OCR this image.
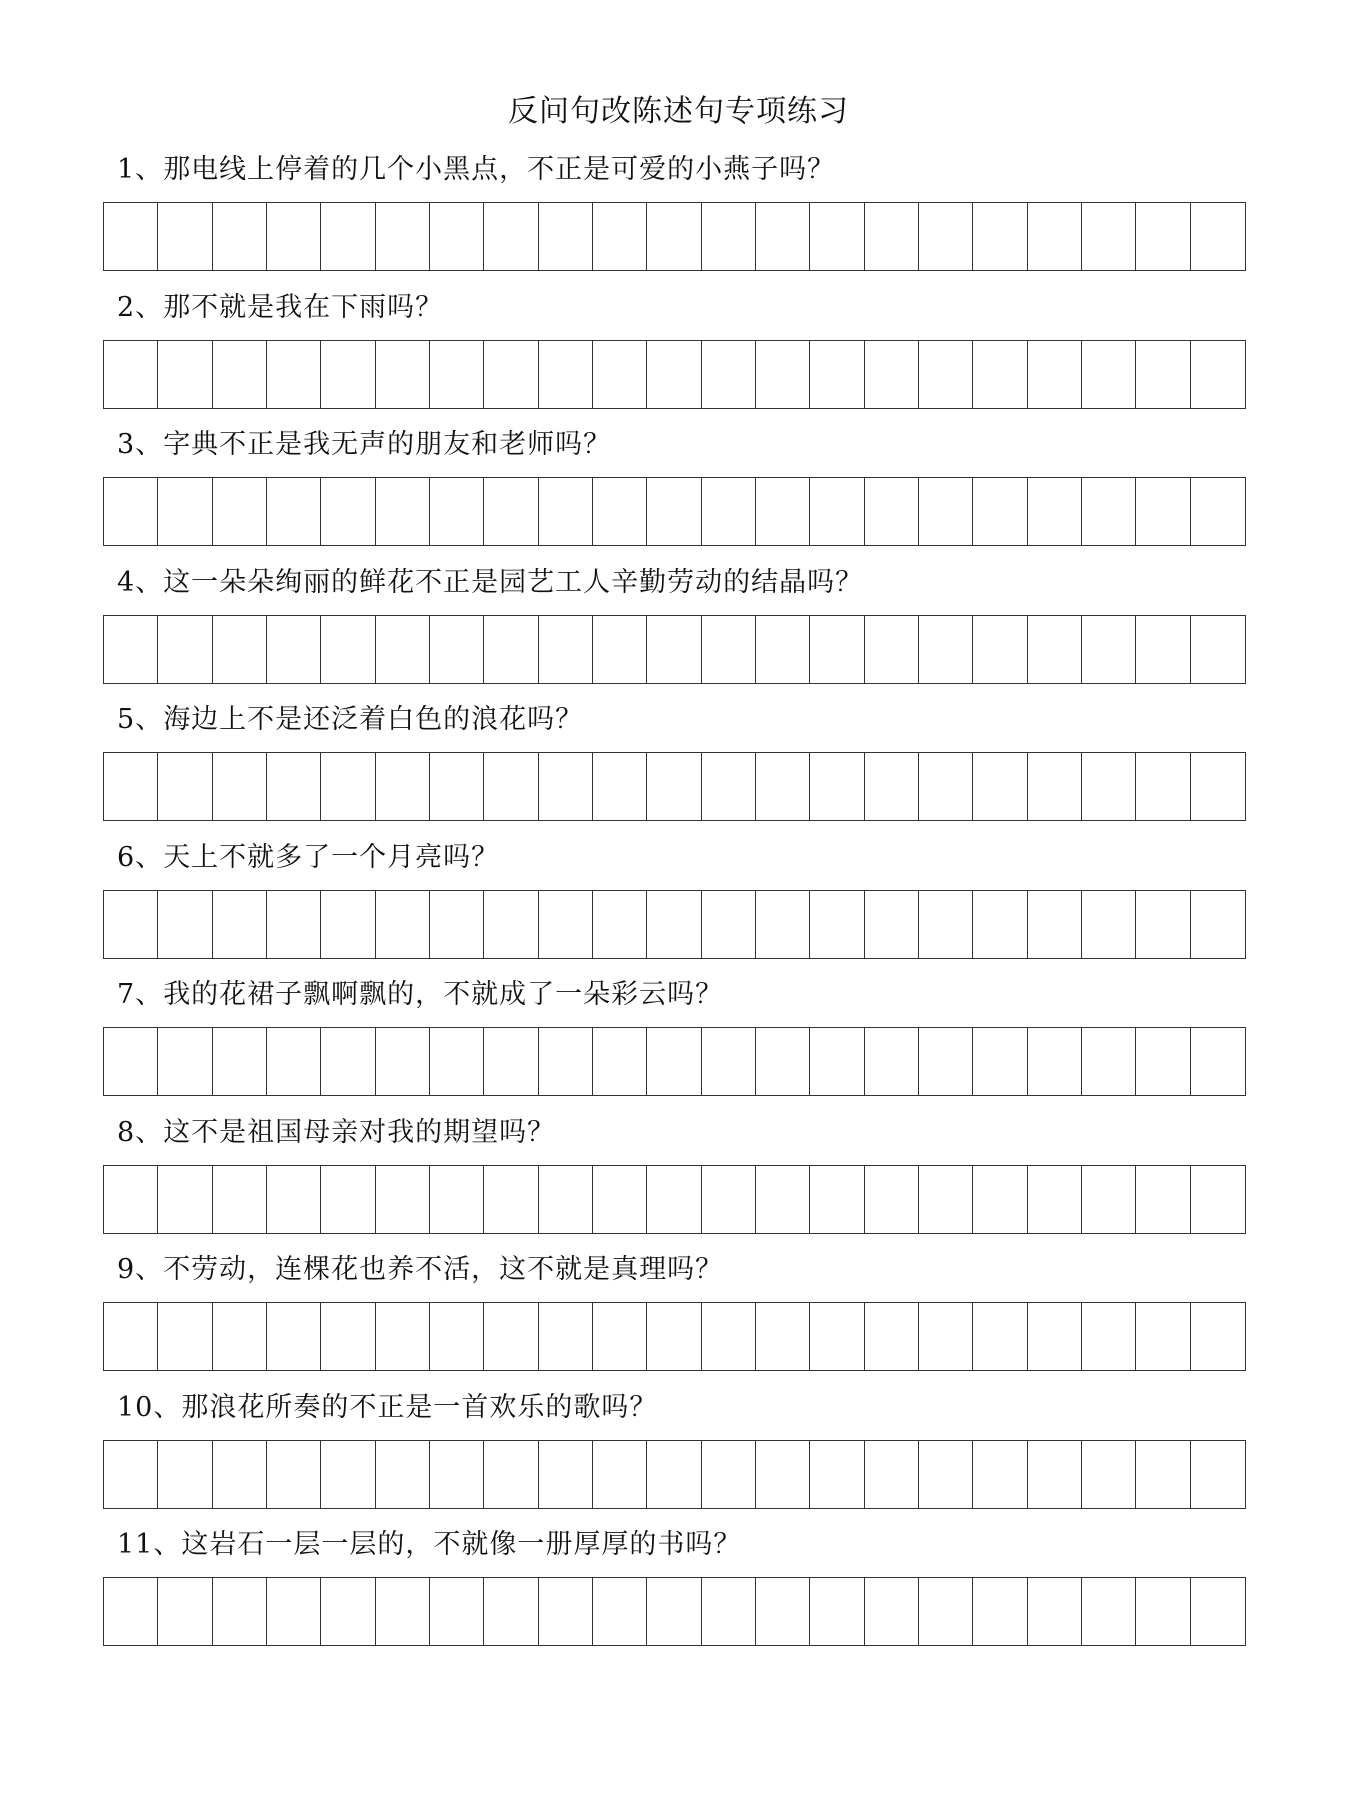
反问句改陈述句专项练习
1、那电线上停着的几个小黑点，不正是可爱的小燕子吗？
2、那不就是我在下雨吗？
3、字典不正是我无声的朋友和老师吗？
4、这一朵朵绚丽的鲜花不正是园艺工人辛勤劳动的结晶吗？
5、海边上不是还泛着白色的浪花吗？
6、天上不就多了一个月亮吗？
7、我的花裙子飘啊飘的，不就成了一朵彩云吗？
8、这不是祖国母亲对我的期望吗？
9、不劳动，连棵花也养不活，这不就是真理吗？
10、那浪花所奏的不正是一首欢乐的歌吗？
11、这岩石一层一层的，不就像一册厚厚的书吗？
